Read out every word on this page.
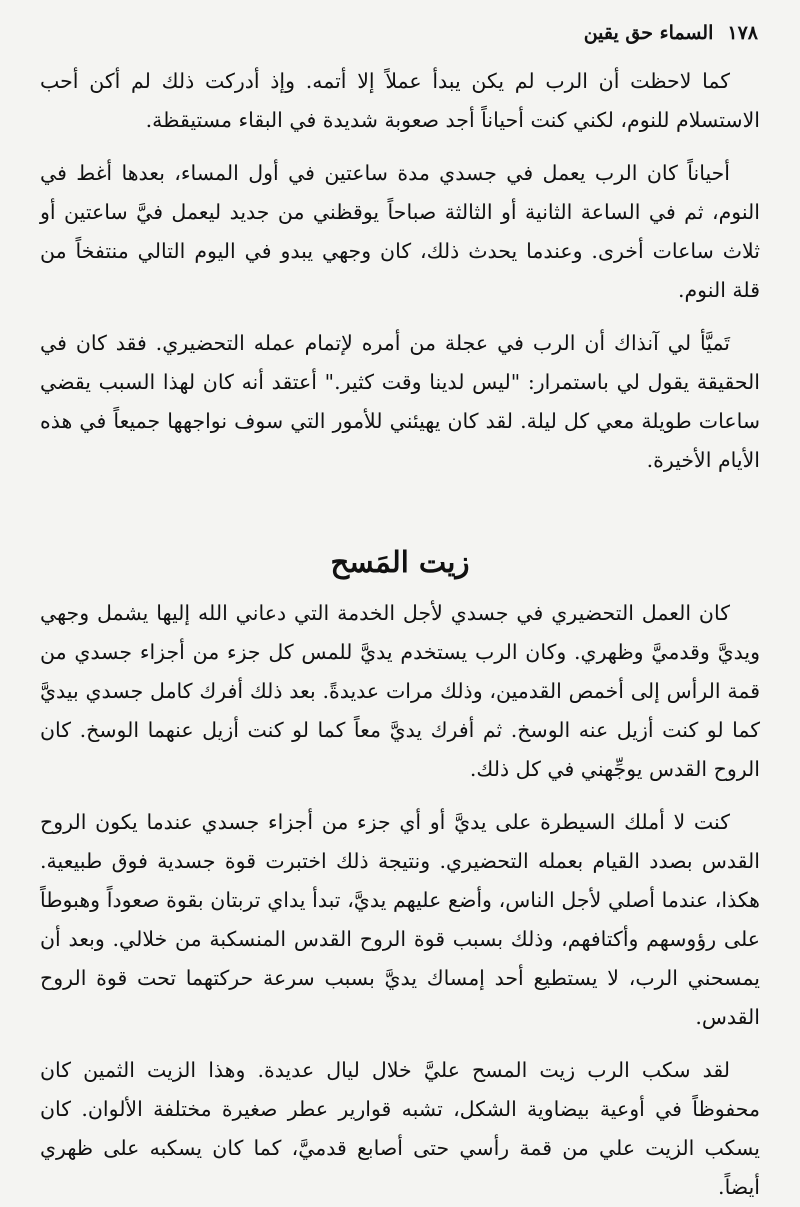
١٧٨
السماء حق يقين

كما لاحظت أن الرب لم يكن يبدأ عملاً إلا أتمه. وإذ أدركت ذلك لم أكن أحب الاستسلام للنوم، لكني كنت أحياناً أجد صعوبة شديدة في البقاء مستيقظة.

أحياناً كان الرب يعمل في جسدي مدة ساعتين في أول المساء، بعدها أغط في النوم، ثم في الساعة الثانية أو الثالثة صباحاً يوقظني من جديد ليعمل فيَّ ساعتين أو ثلاث ساعات أخرى. وعندما يحدث ذلك، كان وجهي يبدو في اليوم التالي منتفخاً من قلة النوم.

تَميَّأ لي آنذاك أن الرب في عجلة من أمره لإتمام عمله التحضيري. فقد كان في الحقيقة يقول لي باستمرار: "ليس لدينا وقت كثير." أعتقد أنه كان لهذا السبب يقضي ساعات طويلة معي كل ليلة. لقد كان يهيئني للأمور التي سوف نواجهها جميعاً في هذه الأيام الأخيرة.

زيت المَسح

كان العمل التحضيري في جسدي لأجل الخدمة التي دعاني الله إليها يشمل وجهي ويديَّ وقدميَّ وظهري. وكان الرب يستخدم يديَّ للمس كل جزء من أجزاء جسدي من قمة الرأس إلى أخمص القدمين، وذلك مرات عديدةً. بعد ذلك أفرك كامل جسدي بيديَّ كما لو كنت أزيل عنه الوسخ. ثم أفرك يديَّ معاً كما لو كنت أزيل عنهما الوسخ. كان الروح القدس يوجِّهني في كل ذلك.

كنت لا أملك السيطرة على يديَّ أو أي جزء من أجزاء جسدي عندما يكون الروح القدس بصدد القيام بعمله التحضيري. ونتيجة ذلك اختبرت قوة جسدية فوق طبيعية. هكذا، عندما أصلي لأجل الناس، وأضع عليهم يديَّ، تبدأ يداي تربتان بقوة صعوداً وهبوطاً على رؤوسهم وأكتافهم، وذلك بسبب قوة الروح القدس المنسكبة من خلالي. وبعد أن يمسحني الرب، لا يستطيع أحد إمساك يديَّ بسبب سرعة حركتهما تحت قوة الروح القدس.

لقد سكب الرب زيت المسح عليَّ خلال ليال عديدة. وهذا الزيت الثمين كان محفوظاً في أوعية بيضاوية الشكل، تشبه قوارير عطر صغيرة مختلفة الألوان. كان يسكب الزيت علي من قمة رأسي حتى أصابع قدميَّ، كما كان يسكبه على ظهري أيضاً.
